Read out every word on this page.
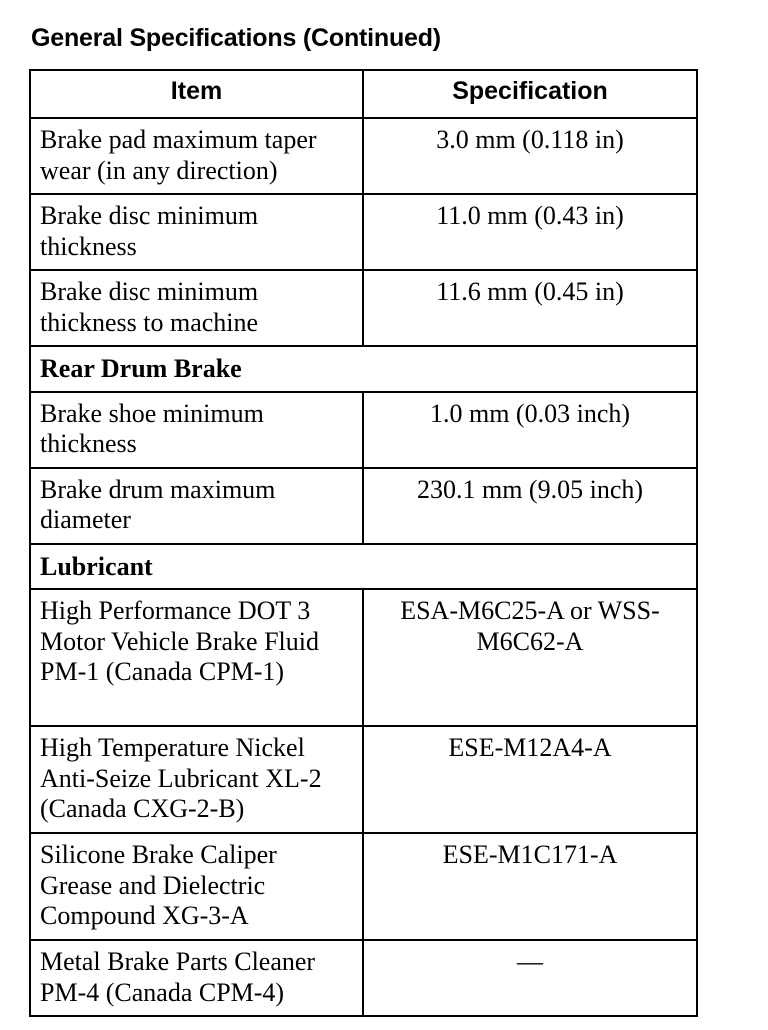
General Specifications (Continued)
Item	Specification
Brake pad maximum taper wear (in any direction)	3.0 mm (0.118 in)
Brake disc minimum thickness	11.0 mm (0.43 in)
Brake disc minimum thickness to machine	11.6 mm (0.45 in)
Rear Drum Brake	
Brake shoe minimum thickness	1.0 mm (0.03 inch)
Brake drum maximum diameter	230.1 mm (9.05 inch)
Lubricant	
High Performance DOT 3 Motor Vehicle Brake Fluid PM-1 (Canada CPM-1)	ESA-M6C25-A or WSS-M6C62-A
High Temperature Nickel Anti-Seize Lubricant XL-2 (Canada CXG-2-B)	ESE-M12A4-A
Silicone Brake Caliper Grease and Dielectric Compound XG-3-A	ESE-M1C171-A
Metal Brake Parts Cleaner PM-4 (Canada CPM-4)	—
